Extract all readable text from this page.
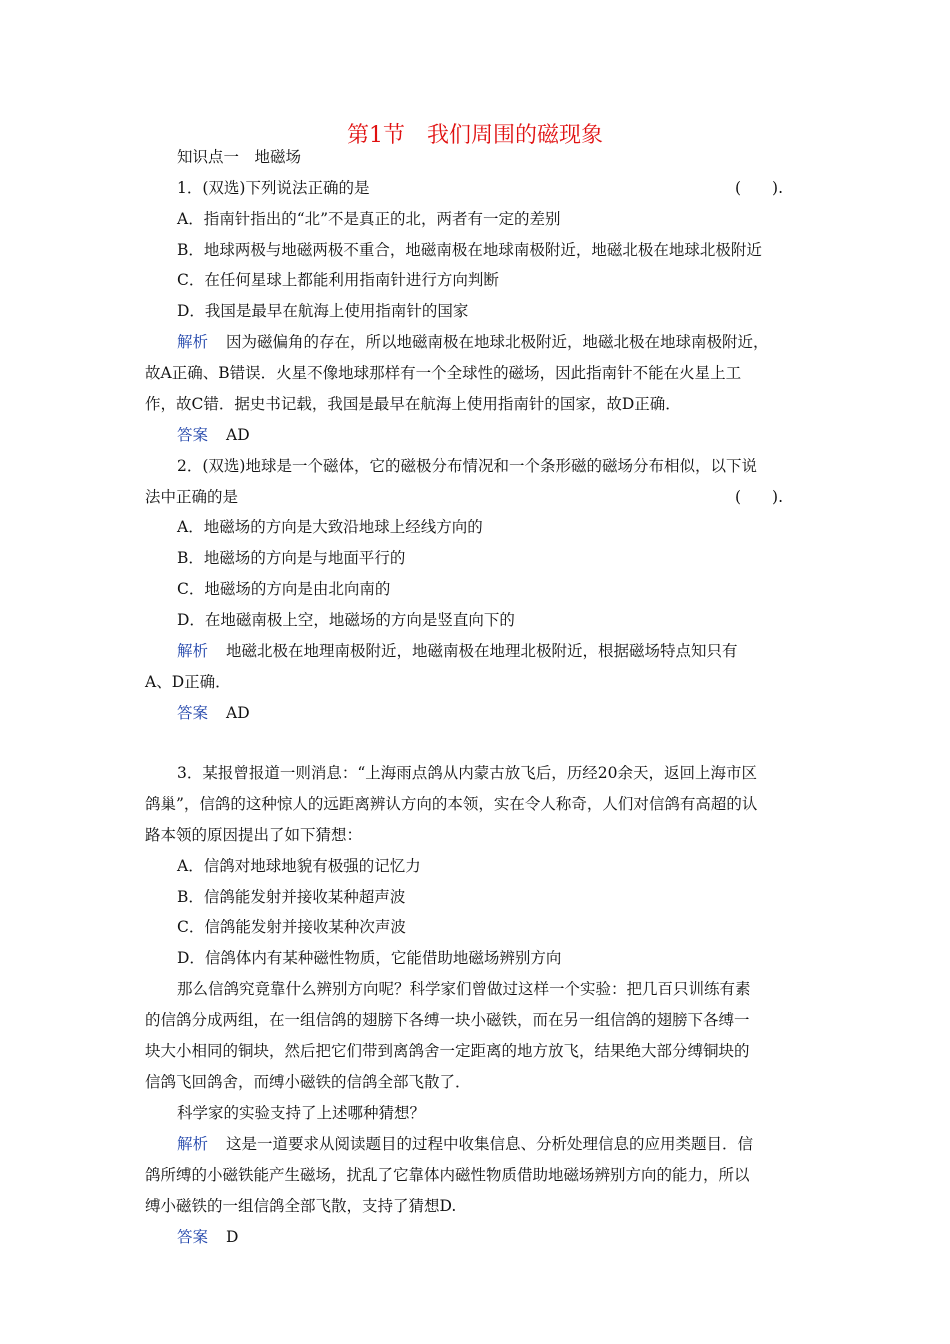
第1节 我们周围的磁现象
知识点一　地磁场
1．(双选)下列说法正确的是	(　　).
A．指南针指出的“北”不是真正的北，两者有一定的差别
B．地球两极与地磁两极不重合，地磁南极在地球南极附近，地磁北极在地球北极附近
C．在任何星球上都能利用指南针进行方向判断
D．我国是最早在航海上使用指南针的国家
解析 因为磁偏角的存在，所以地磁南极在地球北极附近，地磁北极在地球南极附近，
故A正确、B错误．火星不像地球那样有一个全球性的磁场，因此指南针不能在火星上工
作，故C错．据史书记载，我国是最早在航海上使用指南针的国家，故D正确．
答案 AD
2．(双选)地球是一个磁体，它的磁极分布情况和一个条形磁的磁场分布相似，以下说
法中正确的是	(　　).
A．地磁场的方向是大致沿地球上经线方向的
B．地磁场的方向是与地面平行的
C．地磁场的方向是由北向南的
D．在地磁南极上空，地磁场的方向是竖直向下的
解析 地磁北极在地理南极附近，地磁南极在地理北极附近，根据磁场特点知只有
A、D正确．
答案 AD
3．某报曾报道一则消息：“上海雨点鸽从内蒙古放飞后，历经20余天，返回上海市区
鸽巢”，信鸽的这种惊人的远距离辨认方向的本领，实在令人称奇，人们对信鸽有高超的认
路本领的原因提出了如下猜想：
A．信鸽对地球地貌有极强的记忆力
B．信鸽能发射并接收某种超声波
C．信鸽能发射并接收某种次声波
D．信鸽体内有某种磁性物质，它能借助地磁场辨别方向
那么信鸽究竟靠什么辨别方向呢？科学家们曾做过这样一个实验：把几百只训练有素
的信鸽分成两组，在一组信鸽的翅膀下各缚一块小磁铁，而在另一组信鸽的翅膀下各缚一
块大小相同的铜块，然后把它们带到离鸽舍一定距离的地方放飞，结果绝大部分缚铜块的
信鸽飞回鸽舍，而缚小磁铁的信鸽全部飞散了．
科学家的实验支持了上述哪种猜想？
解析 这是一道要求从阅读题目的过程中收集信息、分析处理信息的应用类题目．信
鸽所缚的小磁铁能产生磁场，扰乱了它靠体内磁性物质借助地磁场辨别方向的能力，所以
缚小磁铁的一组信鸽全部飞散，支持了猜想D.
答案 D
